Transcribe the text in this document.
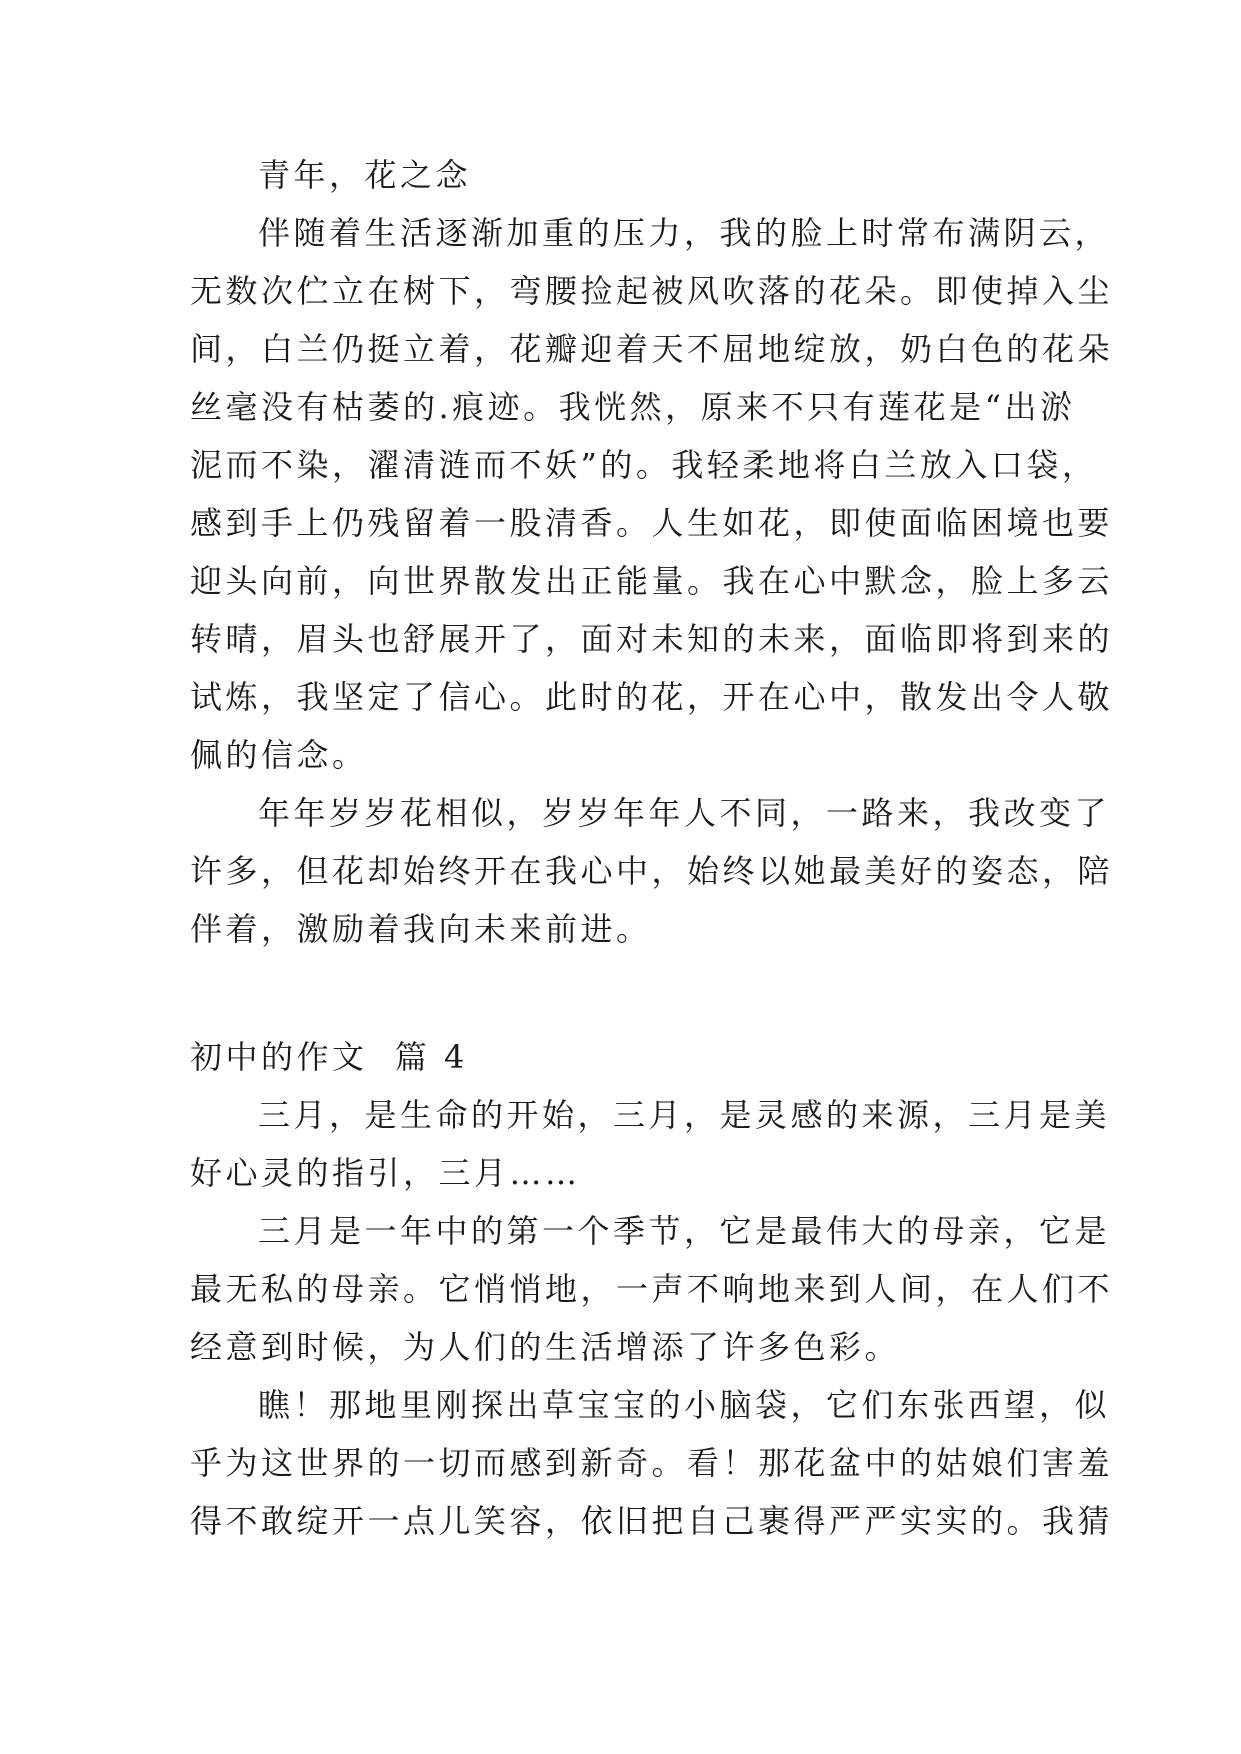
青年，花之念
伴随着生活逐渐加重的压力，我的脸上时常布满阴云，
无数次伫立在树下，弯腰捡起被风吹落的花朵。即使掉入尘
间，白兰仍挺立着，花瓣迎着天不屈地绽放，奶白色的花朵
丝毫没有枯萎的.痕迹。我恍然，原来不只有莲花是“出淤
泥而不染，濯清涟而不妖”的。我轻柔地将白兰放入口袋，
感到手上仍残留着一股清香。人生如花，即使面临困境也要
迎头向前，向世界散发出正能量。我在心中默念，脸上多云
转晴，眉头也舒展开了，面对未知的未来，面临即将到来的
试炼，我坚定了信心。此时的花，开在心中，散发出令人敬
佩的信念。
年年岁岁花相似，岁岁年年人不同，一路来，我改变了
许多，但花却始终开在我心中，始终以她最美好的姿态，陪
伴着，激励着我向未来前进。
初中的作文  篇 4
三月，是生命的开始，三月，是灵感的来源，三月是美
好心灵的指引，三月……
三月是一年中的第一个季节，它是最伟大的母亲，它是
最无私的母亲。它悄悄地，一声不响地来到人间，在人们不
经意到时候，为人们的生活增添了许多色彩。
瞧！那地里刚探出草宝宝的小脑袋，它们东张西望，似
乎为这世界的一切而感到新奇。看！那花盆中的姑娘们害羞
得不敢绽开一点儿笑容，依旧把自己裹得严严实实的。我猜
